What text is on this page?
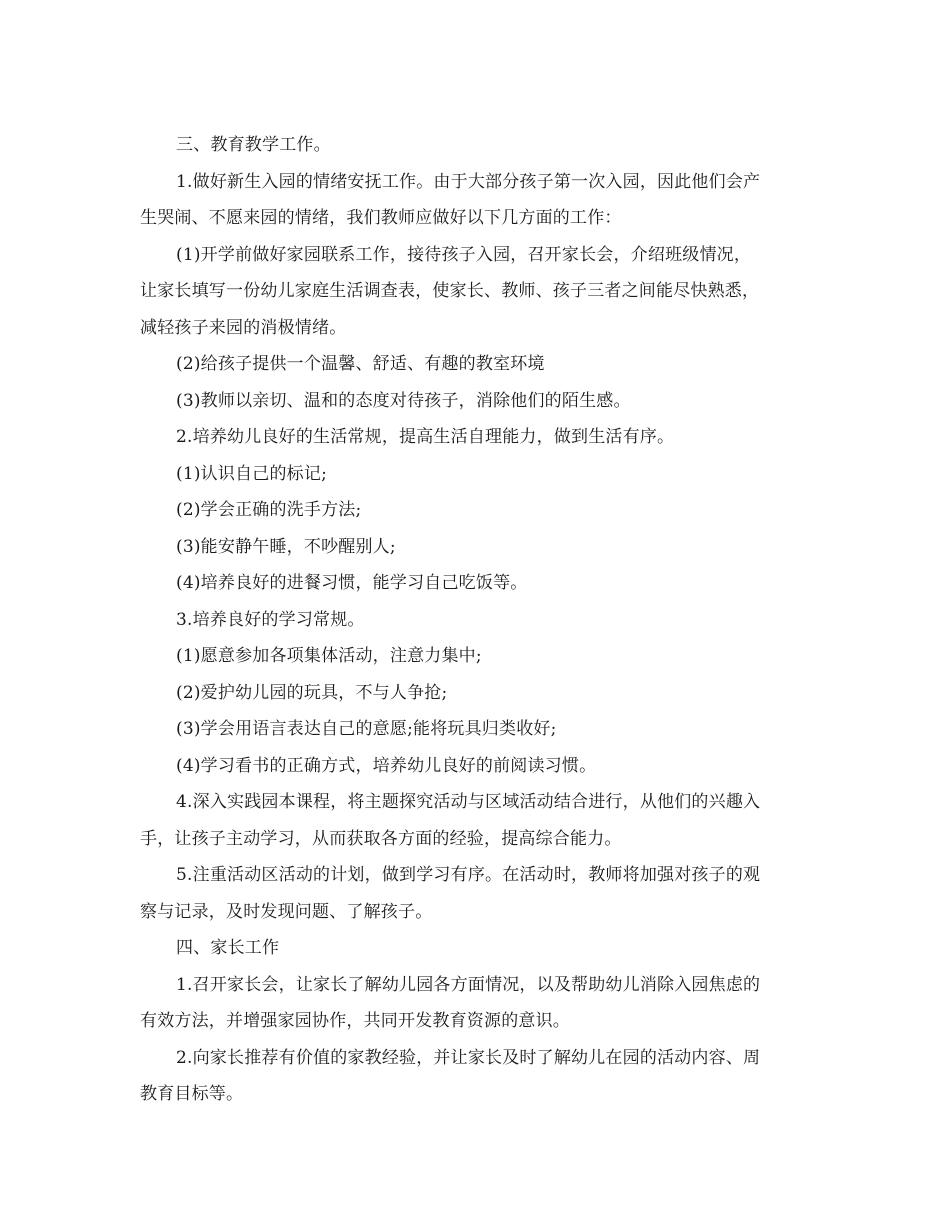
三、教育教学工作。
1.做好新生入园的情绪安抚工作。由于大部分孩子第一次入园，因此他们会产
生哭闹、不愿来园的情绪，我们教师应做好以下几方面的工作：
(1)开学前做好家园联系工作，接待孩子入园，召开家长会，介绍班级情况，
让家长填写一份幼儿家庭生活调查表，使家长、教师、孩子三者之间能尽快熟悉，
减轻孩子来园的消极情绪。
(2)给孩子提供一个温馨、舒适、有趣的教室环境
(3)教师以亲切、温和的态度对待孩子，消除他们的陌生感。
2.培养幼儿良好的生活常规，提高生活自理能力，做到生活有序。
(1)认识自己的标记;
(2)学会正确的洗手方法;
(3)能安静午睡，不吵醒别人;
(4)培养良好的进餐习惯，能学习自己吃饭等。
3.培养良好的学习常规。
(1)愿意参加各项集体活动，注意力集中;
(2)爱护幼儿园的玩具，不与人争抢;
(3)学会用语言表达自己的意愿;能将玩具归类收好;
(4)学习看书的正确方式，培养幼儿良好的前阅读习惯。
4.深入实践园本课程，将主题探究活动与区域活动结合进行，从他们的兴趣入
手，让孩子主动学习，从而获取各方面的经验，提高综合能力。
5.注重活动区活动的计划，做到学习有序。在活动时，教师将加强对孩子的观
察与记录，及时发现问题、了解孩子。
四、家长工作
1.召开家长会，让家长了解幼儿园各方面情况，以及帮助幼儿消除入园焦虑的
有效方法，并增强家园协作，共同开发教育资源的意识。
2.向家长推荐有价值的家教经验，并让家长及时了解幼儿在园的活动内容、周
教育目标等。
